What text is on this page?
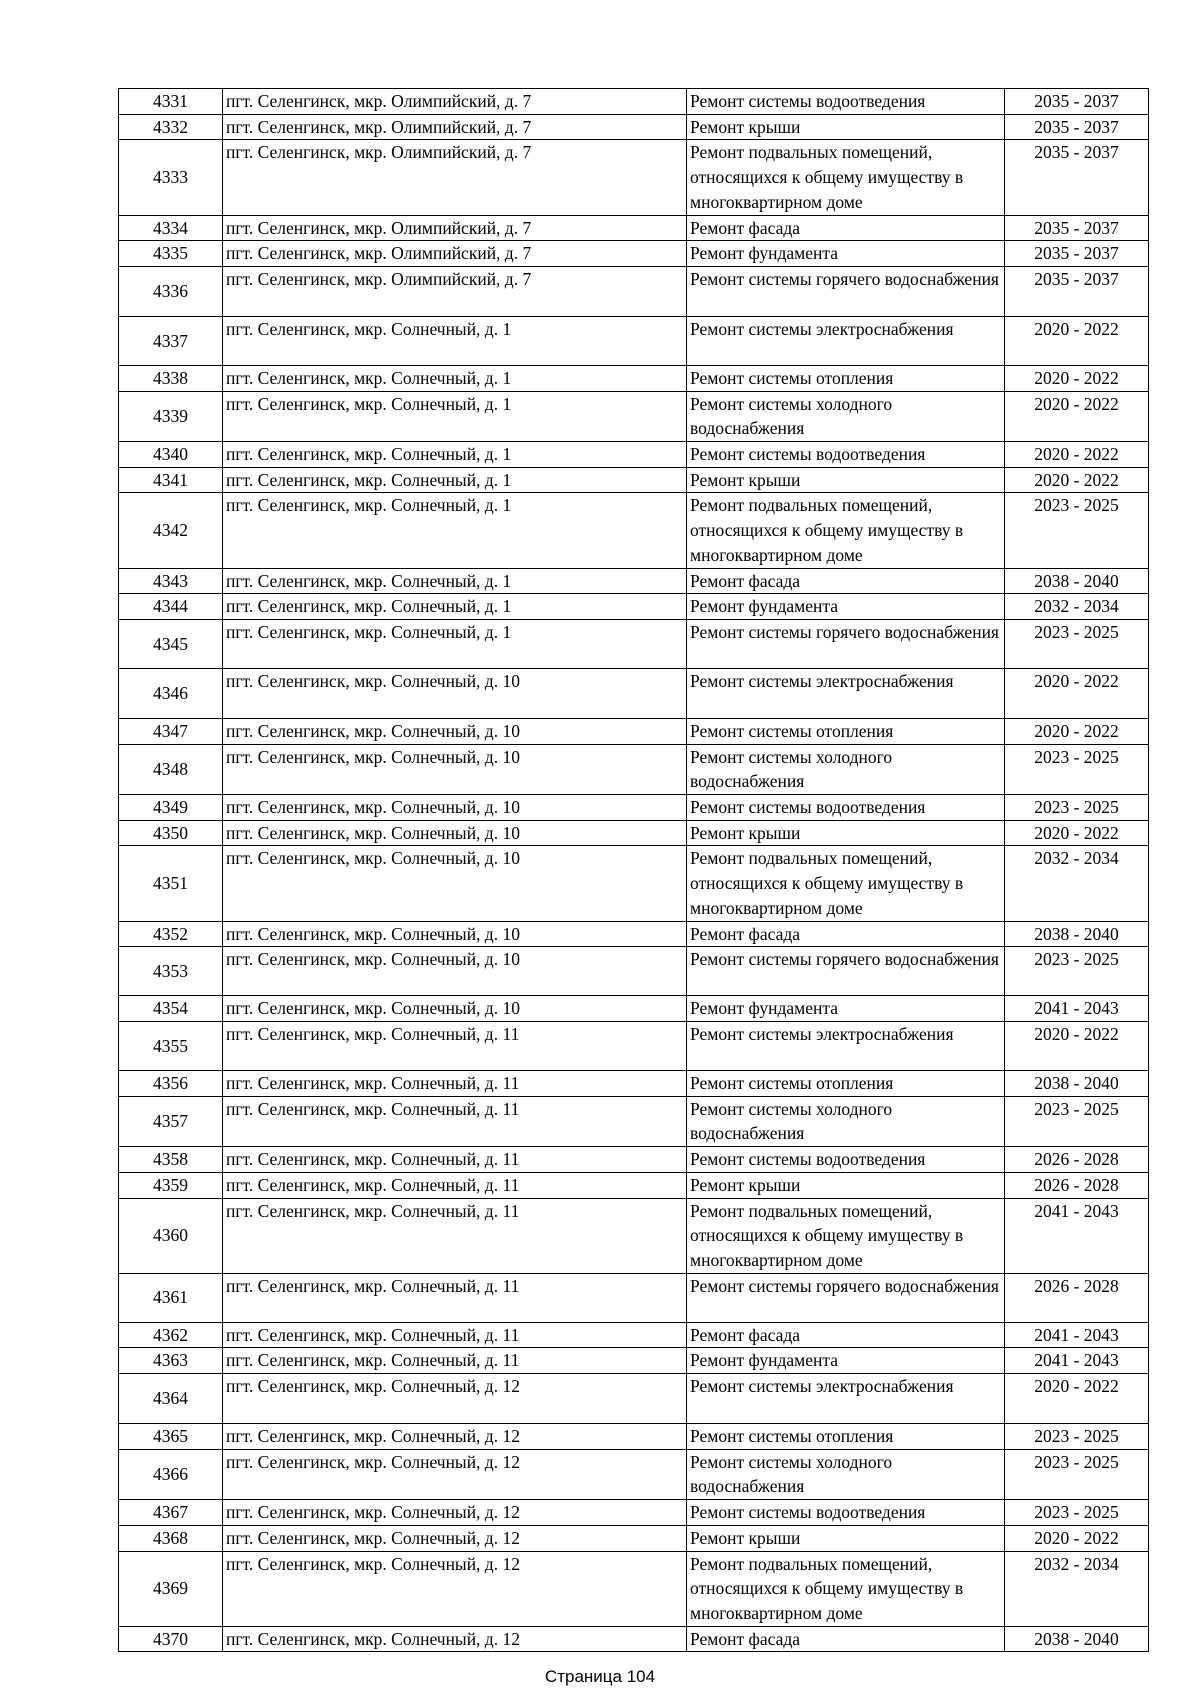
4331	пгт. Селенгинск, мкр. Олимпийский, д. 7	Ремонт системы водоотведения	2035 - 2037
4332	пгт. Селенгинск, мкр. Олимпийский, д. 7	Ремонт крыши	2035 - 2037
4333	пгт. Селенгинск, мкр. Олимпийский, д. 7	Ремонт подвальных помещений, относящихся к общему имуществу в многоквартирном доме	2035 - 2037
4334	пгт. Селенгинск, мкр. Олимпийский, д. 7	Ремонт фасада	2035 - 2037
4335	пгт. Селенгинск, мкр. Олимпийский, д. 7	Ремонт фундамента	2035 - 2037
4336	пгт. Селенгинск, мкр. Олимпийский, д. 7	Ремонт системы горячего водоснабжения	2035 - 2037
4337	пгт. Селенгинск, мкр. Солнечный, д. 1	Ремонт системы электроснабжения	2020 - 2022
4338	пгт. Селенгинск, мкр. Солнечный, д. 1	Ремонт системы отопления	2020 - 2022
4339	пгт. Селенгинск, мкр. Солнечный, д. 1	Ремонт системы холодного водоснабжения	2020 - 2022
4340	пгт. Селенгинск, мкр. Солнечный, д. 1	Ремонт системы водоотведения	2020 - 2022
4341	пгт. Селенгинск, мкр. Солнечный, д. 1	Ремонт крыши	2020 - 2022
4342	пгт. Селенгинск, мкр. Солнечный, д. 1	Ремонт подвальных помещений, относящихся к общему имуществу в многоквартирном доме	2023 - 2025
4343	пгт. Селенгинск, мкр. Солнечный, д. 1	Ремонт фасада	2038 - 2040
4344	пгт. Селенгинск, мкр. Солнечный, д. 1	Ремонт фундамента	2032 - 2034
4345	пгт. Селенгинск, мкр. Солнечный, д. 1	Ремонт системы горячего водоснабжения	2023 - 2025
4346	пгт. Селенгинск, мкр. Солнечный, д. 10	Ремонт системы электроснабжения	2020 - 2022
4347	пгт. Селенгинск, мкр. Солнечный, д. 10	Ремонт системы отопления	2020 - 2022
4348	пгт. Селенгинск, мкр. Солнечный, д. 10	Ремонт системы холодного водоснабжения	2023 - 2025
4349	пгт. Селенгинск, мкр. Солнечный, д. 10	Ремонт системы водоотведения	2023 - 2025
4350	пгт. Селенгинск, мкр. Солнечный, д. 10	Ремонт крыши	2020 - 2022
4351	пгт. Селенгинск, мкр. Солнечный, д. 10	Ремонт подвальных помещений, относящихся к общему имуществу в многоквартирном доме	2032 - 2034
4352	пгт. Селенгинск, мкр. Солнечный, д. 10	Ремонт фасада	2038 - 2040
4353	пгт. Селенгинск, мкр. Солнечный, д. 10	Ремонт системы горячего водоснабжения	2023 - 2025
4354	пгт. Селенгинск, мкр. Солнечный, д. 10	Ремонт фундамента	2041 - 2043
4355	пгт. Селенгинск, мкр. Солнечный, д. 11	Ремонт системы электроснабжения	2020 - 2022
4356	пгт. Селенгинск, мкр. Солнечный, д. 11	Ремонт системы отопления	2038 - 2040
4357	пгт. Селенгинск, мкр. Солнечный, д. 11	Ремонт системы холодного водоснабжения	2023 - 2025
4358	пгт. Селенгинск, мкр. Солнечный, д. 11	Ремонт системы водоотведения	2026 - 2028
4359	пгт. Селенгинск, мкр. Солнечный, д. 11	Ремонт крыши	2026 - 2028
4360	пгт. Селенгинск, мкр. Солнечный, д. 11	Ремонт подвальных помещений, относящихся к общему имуществу в многоквартирном доме	2041 - 2043
4361	пгт. Селенгинск, мкр. Солнечный, д. 11	Ремонт системы горячего водоснабжения	2026 - 2028
4362	пгт. Селенгинск, мкр. Солнечный, д. 11	Ремонт фасада	2041 - 2043
4363	пгт. Селенгинск, мкр. Солнечный, д. 11	Ремонт фундамента	2041 - 2043
4364	пгт. Селенгинск, мкр. Солнечный, д. 12	Ремонт системы электроснабжения	2020 - 2022
4365	пгт. Селенгинск, мкр. Солнечный, д. 12	Ремонт системы отопления	2023 - 2025
4366	пгт. Селенгинск, мкр. Солнечный, д. 12	Ремонт системы холодного водоснабжения	2023 - 2025
4367	пгт. Селенгинск, мкр. Солнечный, д. 12	Ремонт системы водоотведения	2023 - 2025
4368	пгт. Селенгинск, мкр. Солнечный, д. 12	Ремонт крыши	2020 - 2022
4369	пгт. Селенгинск, мкр. Солнечный, д. 12	Ремонт подвальных помещений, относящихся к общему имуществу в многоквартирном доме	2032 - 2034
4370	пгт. Селенгинск, мкр. Солнечный, д. 12	Ремонт фасада	2038 - 2040
Страница 104
